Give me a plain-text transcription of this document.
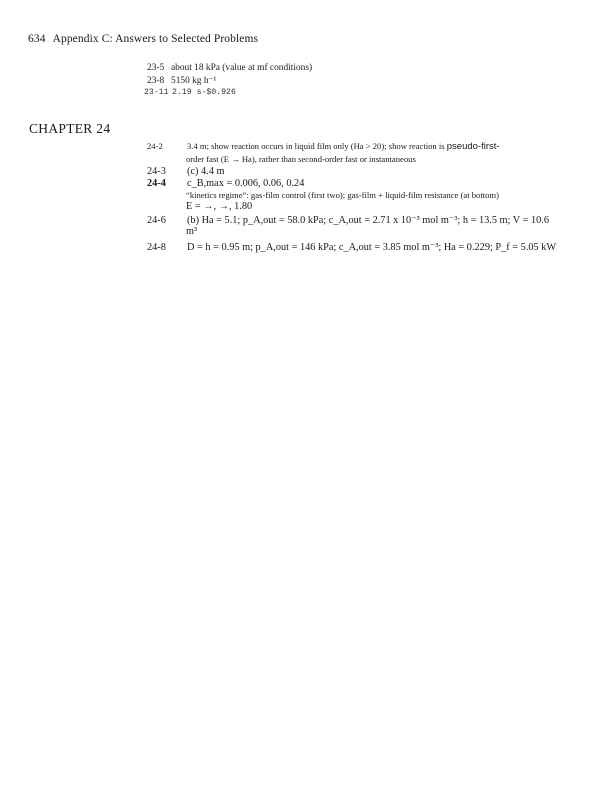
634 Appendix C: Answers to Selected Problems
23-5 about 18 kPa (value at mf conditions)
23-8 5150 kg h⁻¹
23-11 2.19 s-$0.926
CHAPTER 24
24-2	3.4 m; show reaction occurs in liquid film only (Ha > 20); show reaction is pseudo-first-
order fast (E → Ha), rather than second-order fast or instantaneous
24-3 (c) 4.4 m
24-4 c_B,max = 0.006, 0.06, 0.24
“kinetics regime”: gas-film control (first two); gas-film + liquid-film resistance (at bottom)
E = →, →, 1.80
24-6 (b) Ha = 5.1; p_A,out = 58.0 kPa; c_A,out = 2.71 x 10⁻³ mol m⁻³; h = 13.5 m; V = 10.6
m³
24-8 D = h = 0.95 m; p_A,out = 146 kPa; c_A,out = 3.85 mol m⁻³; Ha = 0.229; P_f = 5.05 kW
